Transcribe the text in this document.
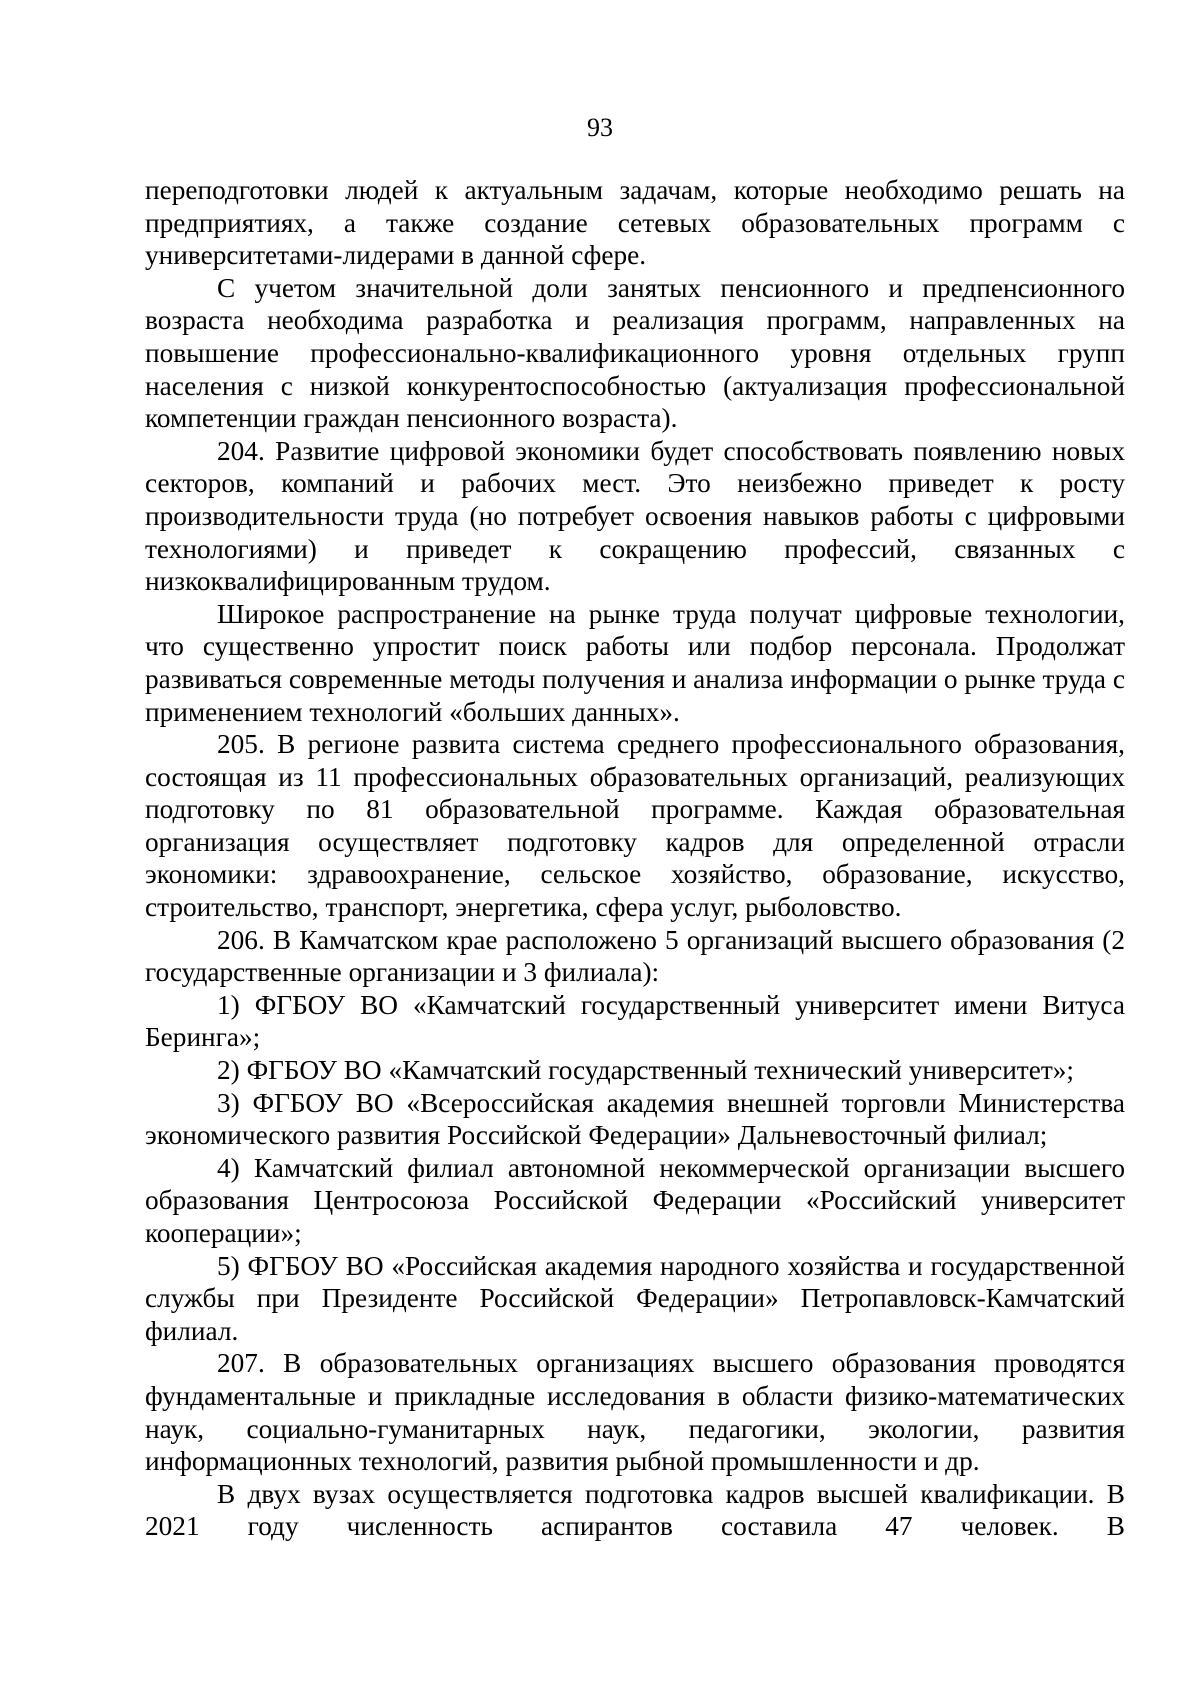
93

переподготовки людей к актуальным задачам, которые необходимо решать на предприятиях, а также создание сетевых образовательных программ с университетами-лидерами в данной сфере.

С учетом значительной доли занятых пенсионного и предпенсионного возраста необходима разработка и реализация программ, направленных на повышение профессионально-квалификационного уровня отдельных групп населения с низкой конкурентоспособностью (актуализация профессиональной компетенции граждан пенсионного возраста).

204. Развитие цифровой экономики будет способствовать появлению новых секторов, компаний и рабочих мест. Это неизбежно приведет к росту производительности труда (но потребует освоения навыков работы с цифровыми технологиями) и приведет к сокращению профессий, связанных с низкоквалифицированным трудом.

Широкое распространение на рынке труда получат цифровые технологии, что существенно упростит поиск работы или подбор персонала. Продолжат развиваться современные методы получения и анализа информации о рынке труда с применением технологий «больших данных».

205. В регионе развита система среднего профессионального образования, состоящая из 11 профессиональных образовательных организаций, реализующих подготовку по 81 образовательной программе. Каждая образовательная организация осуществляет подготовку кадров для определенной отрасли экономики: здравоохранение, сельское хозяйство, образование, искусство, строительство, транспорт, энергетика, сфера услуг, рыболовство.

206. В Камчатском крае расположено 5 организаций высшего образования (2 государственные организации и 3 филиала):

1) ФГБОУ ВО «Камчатский государственный университет имени Витуса Беринга»;

2) ФГБОУ ВО «Камчатский государственный технический университет»;

3) ФГБОУ ВО «Всероссийская академия внешней торговли Министерства экономического развития Российской Федерации» Дальневосточный филиал;

4) Камчатский филиал автономной некоммерческой организации высшего образования Центросоюза Российской Федерации «Российский университет кооперации»;

5) ФГБОУ ВО «Российская академия народного хозяйства и государственной службы при Президенте Российской Федерации» Петропавловск-Камчатский филиал.

207. В образовательных организациях высшего образования проводятся фундаментальные и прикладные исследования в области физико-математических наук, социально-гуманитарных наук, педагогики, экологии, развития информационных технологий, развития рыбной промышленности и др.

В двух вузах осуществляется подготовка кадров высшей квалификации. В 2021 году численность аспирантов составила 47 человек. В
